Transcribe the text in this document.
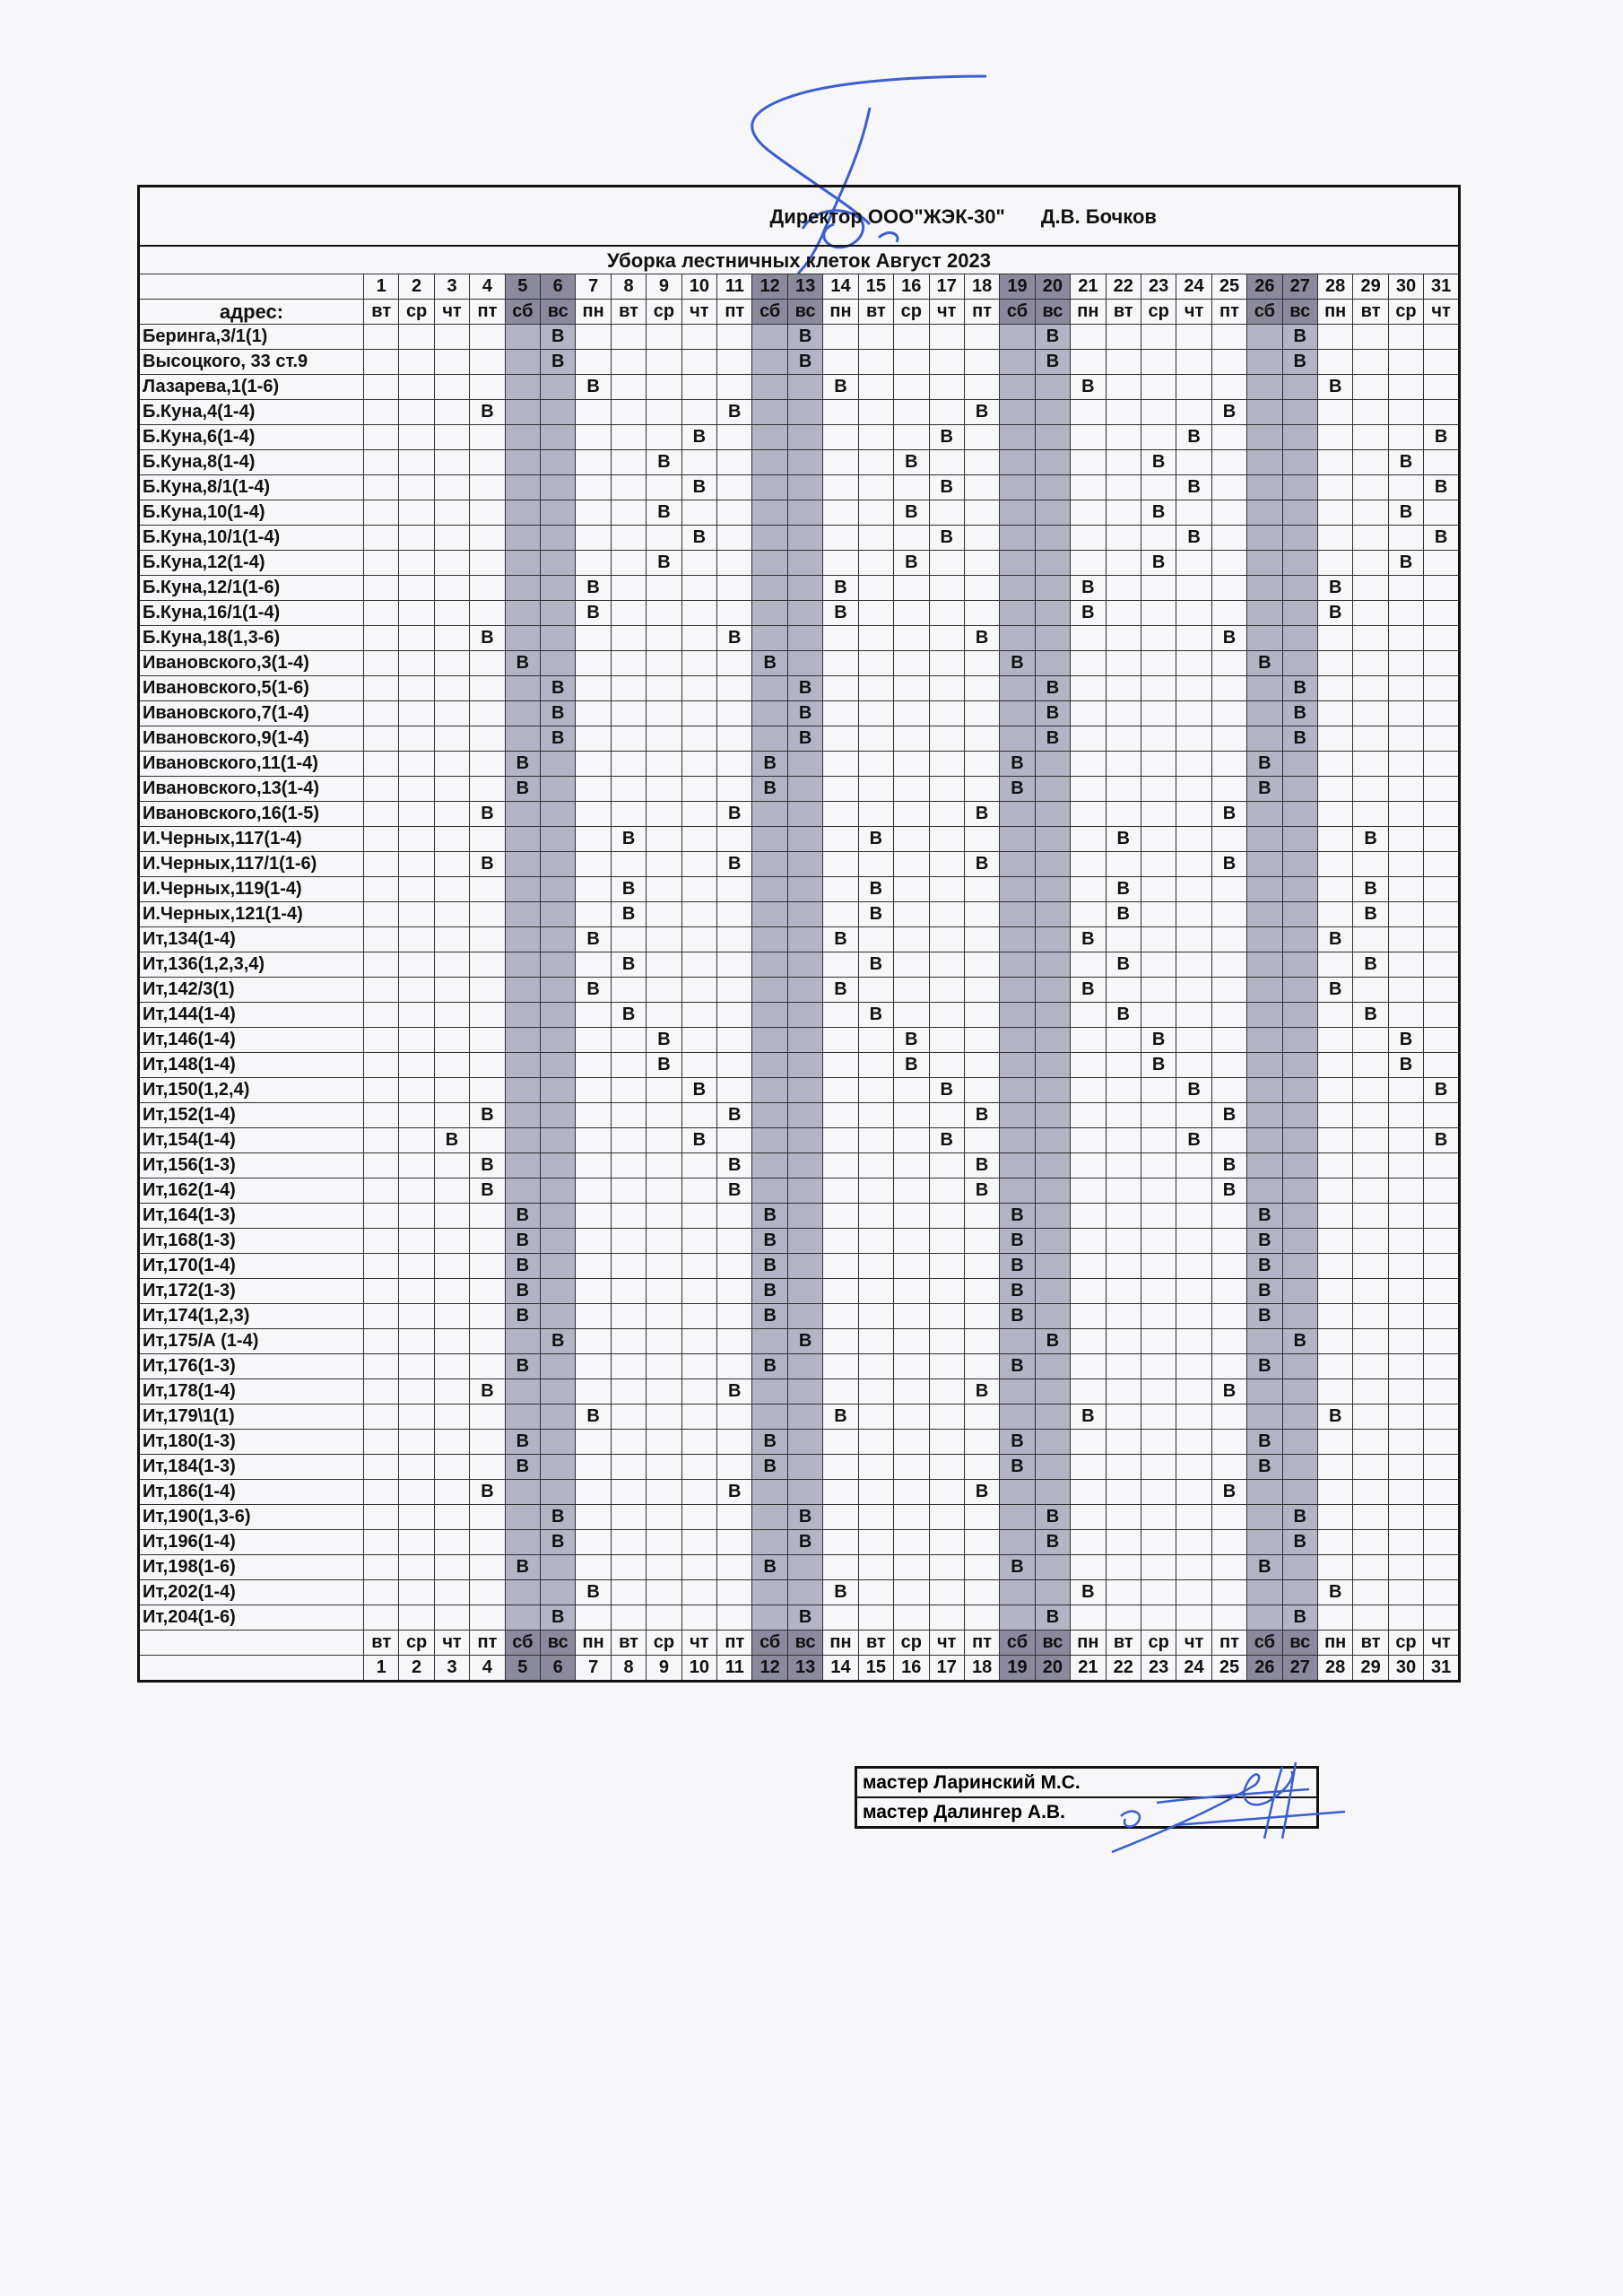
Директор ООО"ЖЭК-30" Д.В. Бочков																															
Уборка лестничных клеток Август 2023																															
	1	2	3	4	5	6	7	8	9	10	11	12	13	14	15	16	17	18	19	20	21	22	23	24	25	26	27	28	29	30	31
адрес:	вт	ср	чт	пт	сб	вс	пн	вт	ср	чт	пт	сб	вс	пн	вт	ср	чт	пт	сб	вс	пн	вт	ср	чт	пт	сб	вс	пн	вт	ср	чт
Беринга,3/1(1)						В							В							В							В				
Высоцкого, 33 ст.9						В							В							В							В				
Лазарева,1(1-6)							В							В							В							В			
Б.Куна,4(1-4)				В							В							В							В						
Б.Куна,6(1-4)										В							В							В							В
Б.Куна,8(1-4)									В							В							В							В	
Б.Куна,8/1(1-4)										В							В							В							В
Б.Куна,10(1-4)									В							В							В							В	
Б.Куна,10/1(1-4)										В							В							В							В
Б.Куна,12(1-4)									В							В							В							В	
Б.Куна,12/1(1-6)							В							В							В							В			
Б.Куна,16/1(1-4)							В							В							В							В			
Б.Куна,18(1,3-6)				В							В							В							В						
Ивановского,3(1-4)					В							В							В							В					
Ивановского,5(1-6)						В							В							В							В				
Ивановского,7(1-4)						В							В							В							В				
Ивановского,9(1-4)						В							В							В							В				
Ивановского,11(1-4)					В							В							В							В					
Ивановского,13(1-4)					В							В							В							В					
Ивановского,16(1-5)				В							В							В							В						
И.Черных,117(1-4)								В							В							В							В		
И.Черных,117/1(1-6)				В							В							В							В						
И.Черных,119(1-4)								В							В							В							В		
И.Черных,121(1-4)								В							В							В							В		
Ит,134(1-4)							В							В							В							В			
Ит,136(1,2,3,4)								В							В							В							В		
Ит,142/3(1)							В							В							В							В			
Ит,144(1-4)								В							В							В							В		
Ит,146(1-4)									В							В							В							В	
Ит,148(1-4)									В							В							В							В	
Ит,150(1,2,4)										В							В							В							В
Ит,152(1-4)				В							В							В							В						
Ит,154(1-4)			В							В							В							В							В
Ит,156(1-3)				В							В							В							В						
Ит,162(1-4)				В							В							В							В						
Ит,164(1-3)					В							В							В							В					
Ит,168(1-3)					В							В							В							В					
Ит,170(1-4)					В							В							В							В					
Ит,172(1-3)					В							В							В							В					
Ит,174(1,2,3)					В							В							В							В					
Ит,175/А (1-4)						В							В							В							В				
Ит,176(1-3)					В							В							В							В					
Ит,178(1-4)				В							В							В							В						
Ит,179\1(1)							В							В							В							В			
Ит,180(1-3)					В							В							В							В					
Ит,184(1-3)					В							В							В							В					
Ит,186(1-4)				В							В							В							В						
Ит,190(1,3-6)						В							В							В							В				
Ит,196(1-4)						В							В							В							В				
Ит,198(1-6)					В							В							В							В					
Ит,202(1-4)							В							В							В							В			
Ит,204(1-6)						В							В							В							В				
	вт	ср	чт	пт	сб	вс	пн	вт	ср	чт	пт	сб	вс	пн	вт	ср	чт	пт	сб	вс	пн	вт	ср	чт	пт	сб	вс	пн	вт	ср	чт
	1	2	3	4	5	6	7	8	9	10	11	12	13	14	15	16	17	18	19	20	21	22	23	24	25	26	27	28	29	30	31
мастер Ларинский М.С.
мастер Далингер А.В.
